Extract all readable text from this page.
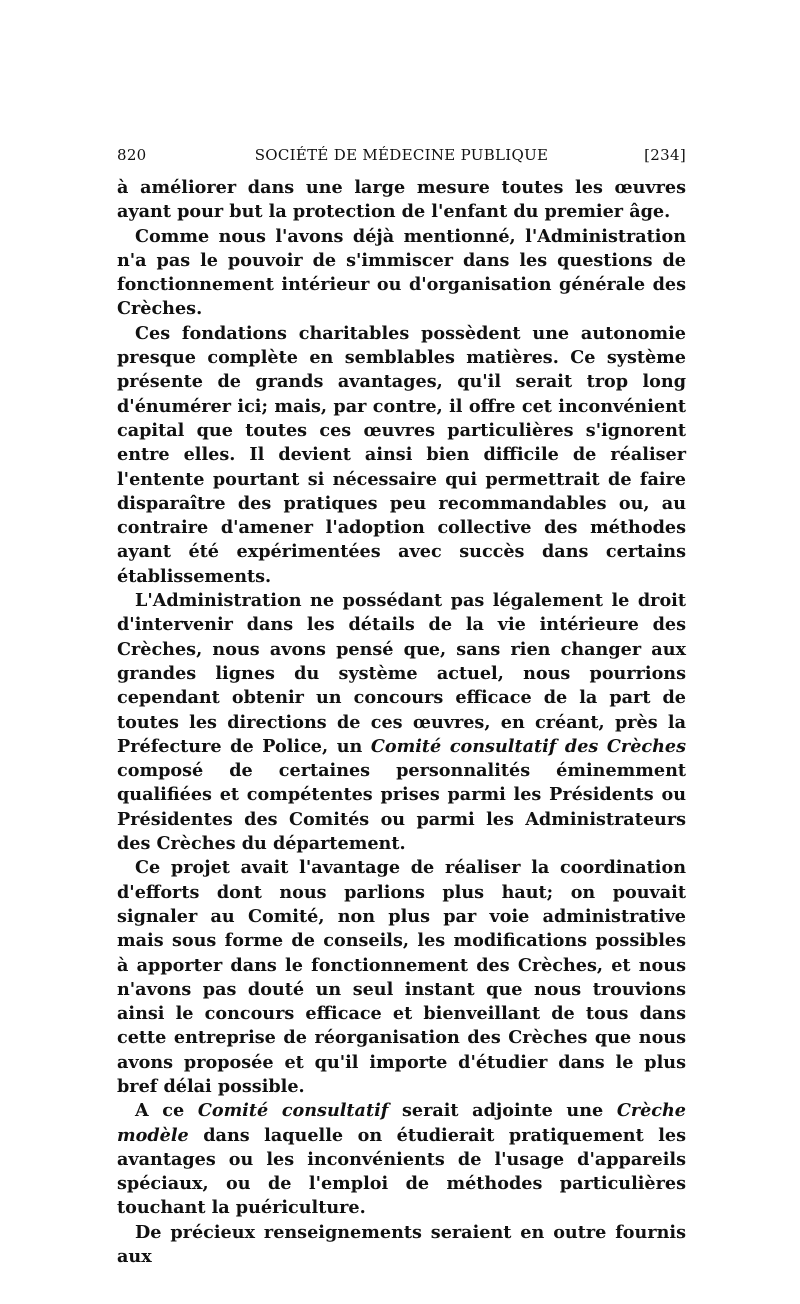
820	SOCIÉTÉ DE MÉDECINE PUBLIQUE	[234]

à améliorer dans une large mesure toutes les œuvres ayant pour but la protection de l'enfant du premier âge.

Comme nous l'avons déjà mentionné, l'Administration n'a pas le pouvoir de s'immiscer dans les questions de fonctionnement intérieur ou d'organisation générale des Crèches.

Ces fondations charitables possèdent une autonomie presque complète en semblables matières. Ce système présente de grands avantages, qu'il serait trop long d'énumérer ici; mais, par contre, il offre cet inconvénient capital que toutes ces œuvres particulières s'ignorent entre elles. Il devient ainsi bien difficile de réaliser l'entente pourtant si nécessaire qui permettrait de faire disparaître des pratiques peu recommandables ou, au contraire d'amener l'adoption collective des méthodes ayant été expérimentées avec succès dans certains établissements.

L'Administration ne possédant pas légalement le droit d'intervenir dans les détails de la vie intérieure des Crèches, nous avons pensé que, sans rien changer aux grandes lignes du système actuel, nous pourrions cependant obtenir un concours efficace de la part de toutes les directions de ces œuvres, en créant, près la Préfecture de Police, un Comité consultatif des Crèches composé de certaines personnalités éminemment qualifiées et compétentes prises parmi les Présidents ou Présidentes des Comités ou parmi les Administrateurs des Crèches du département.

Ce projet avait l'avantage de réaliser la coordination d'efforts dont nous parlions plus haut; on pouvait signaler au Comité, non plus par voie administrative mais sous forme de conseils, les modifications possibles à apporter dans le fonctionnement des Crèches, et nous n'avons pas douté un seul instant que nous trouvions ainsi le concours efficace et bienveillant de tous dans cette entreprise de réorganisation des Crèches que nous avons proposée et qu'il importe d'étudier dans le plus bref délai possible.

A ce Comité consultatif serait adjointe une Crèche modèle dans laquelle on étudierait pratiquement les avantages ou les inconvénients de l'usage d'appareils spéciaux, ou de l'emploi de méthodes particulières touchant la puériculture.

De précieux renseignements seraient en outre fournis aux
